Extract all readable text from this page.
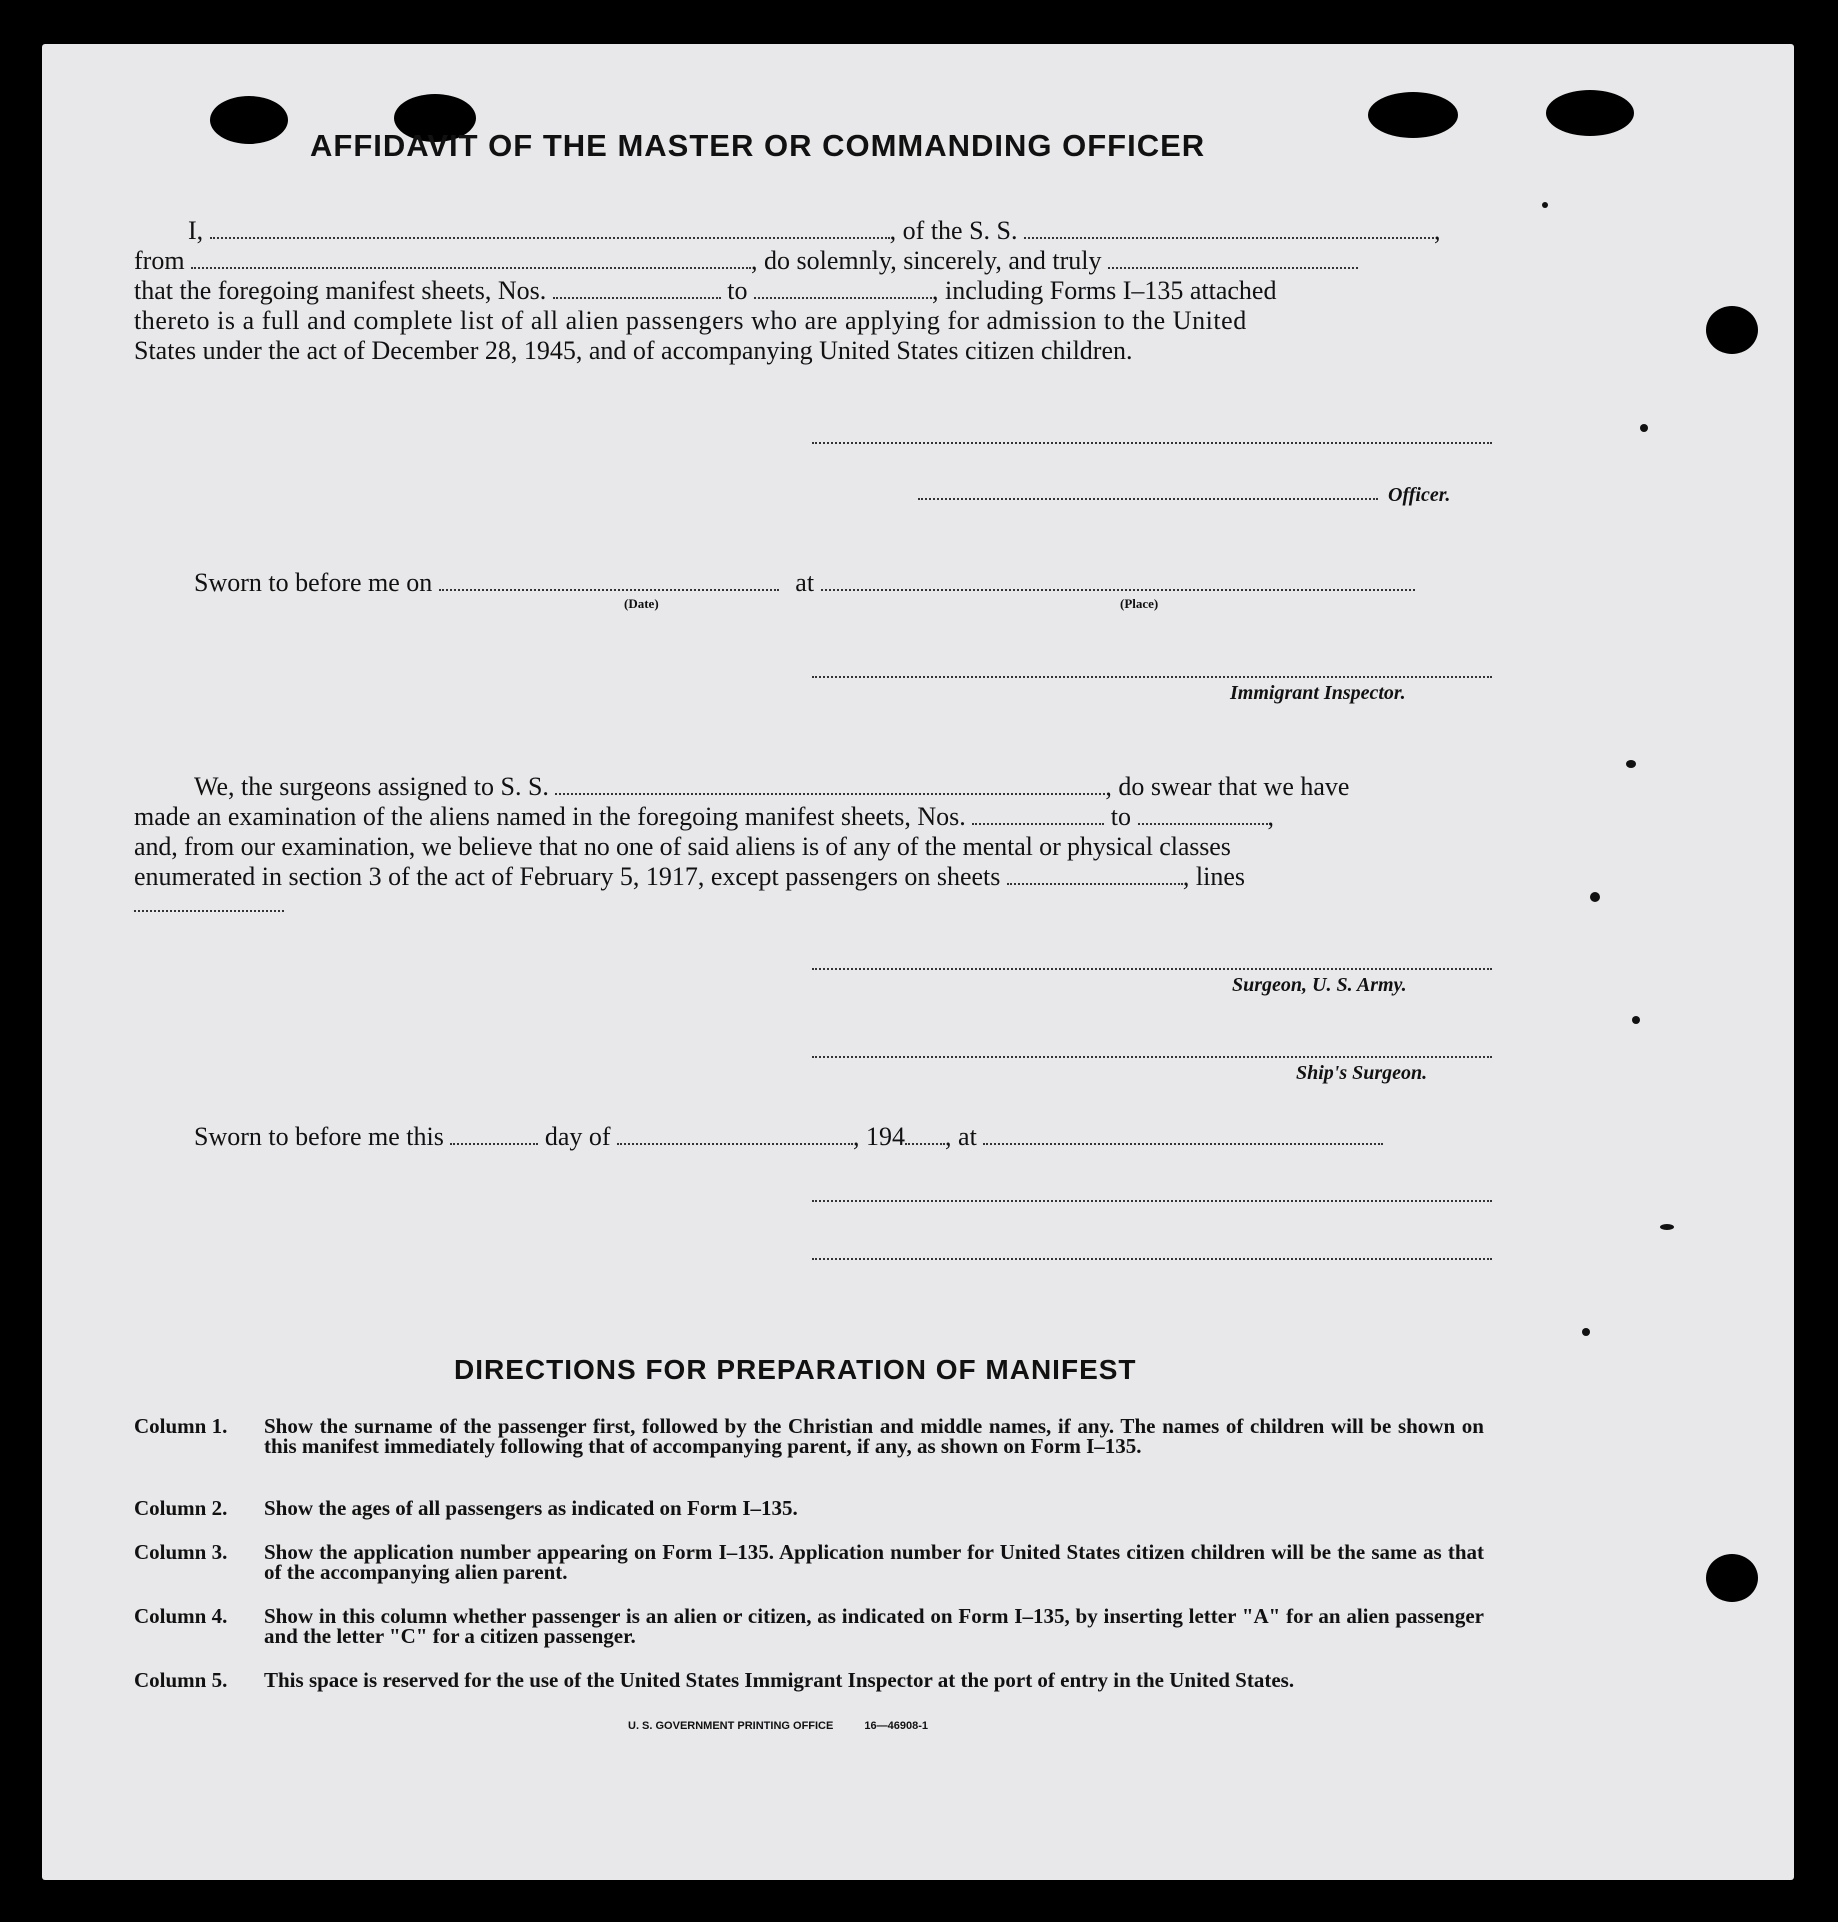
AFFIDAVIT OF THE MASTER OR COMMANDING OFFICER
I,	, of the S. S.	,
from	, do solemnly, sincerely, and truly
that the foregoing manifest sheets, Nos.	to	, including Forms I–135 attached
thereto is a full and complete list of all alien passengers who are applying for admission to the United
States under the act of December 28, 1945, and of accompanying United States citizen children.
Officer.
Sworn to before me on	at
(Date)	(Place)
Immigrant Inspector.
We, the surgeons assigned to S. S.	, do swear that we have
made an examination of the aliens named in the foregoing manifest sheets, Nos.	to	,
and, from our examination, we believe that no one of said aliens is of any of the mental or physical classes
enumerated in section 3 of the act of February 5, 1917, except passengers on sheets	, lines
Surgeon, U. S. Army.
Ship's Surgeon.
Sworn to before me this	day of	, 194 , at
DIRECTIONS FOR PREPARATION OF MANIFEST
Column 1.	Show the surname of the passenger first, followed by the Christian and middle names, if any. The names of children will be shown on this manifest immediately following that of accompanying parent, if any, as shown on Form I–135.
Column 2.	Show the ages of all passengers as indicated on Form I–135.
Column 3.	Show the application number appearing on Form I–135. Application number for United States citizen children will be the same as that of the accompanying alien parent.
Column 4.	Show in this column whether passenger is an alien or citizen, as indicated on Form I–135, by inserting letter "A" for an alien passenger and the letter "C" for a citizen passenger.
Column 5.	This space is reserved for the use of the United States Immigrant Inspector at the port of entry in the United States.
U. S. GOVERNMENT PRINTING OFFICE	16—46908-1
